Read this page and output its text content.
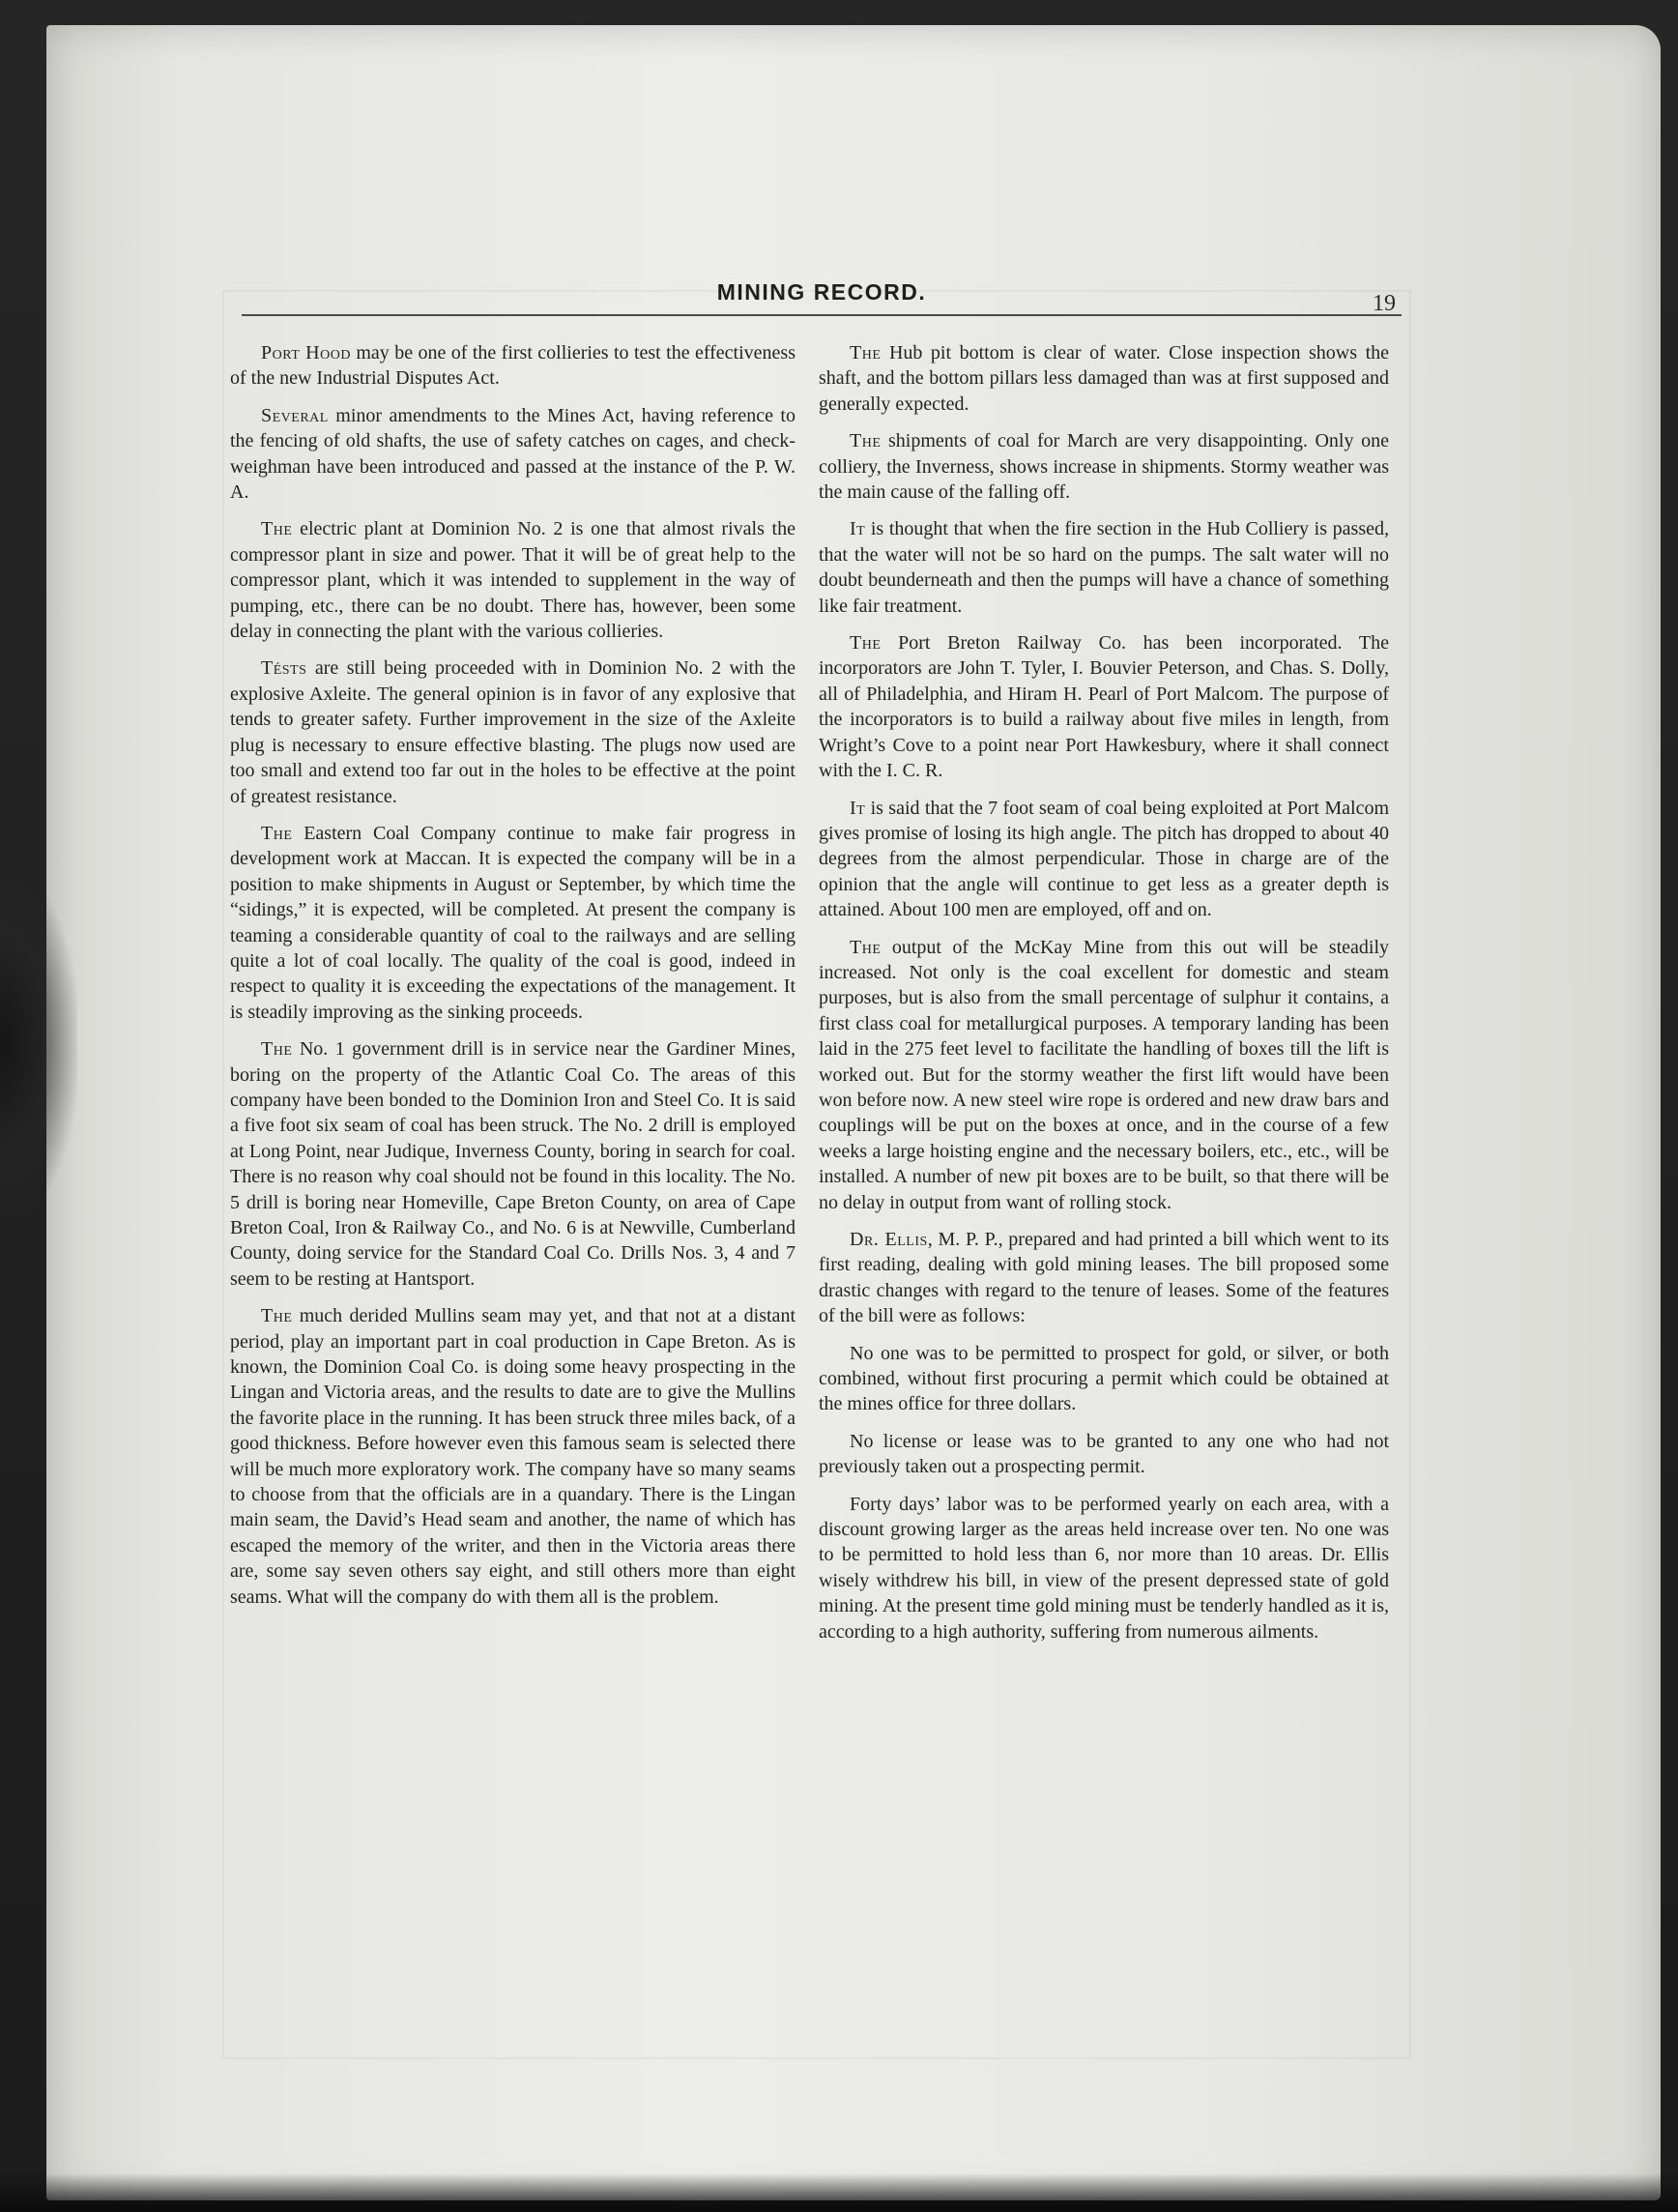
MINING RECORD.	19

Port Hood may be one of the first collieries to test the effectiveness of the new Industrial Disputes Act.

Several minor amendments to the Mines Act, having reference to the fencing of old shafts, the use of safety catches on cages, and check-weighman have been introduced and passed at the instance of the P. W. A.

The electric plant at Dominion No. 2 is one that almost rivals the compressor plant in size and power. That it will be of great help to the compressor plant, which it was intended to supplement in the way of pumping, etc., there can be no doubt. There has, however, been some delay in connecting the plant with the various collieries.

Tésts are still being proceeded with in Dominion No. 2 with the explosive Axleite. The general opinion is in favor of any explosive that tends to greater safety. Further improvement in the size of the Axleite plug is necessary to ensure effective blasting. The plugs now used are too small and extend too far out in the holes to be effective at the point of greatest resistance.

The Eastern Coal Company continue to make fair progress in development work at Maccan. It is expected the company will be in a position to make shipments in August or September, by which time the “sidings,” it is expected, will be completed. At present the company is teaming a considerable quantity of coal to the railways and are selling quite a lot of coal locally. The quality of the coal is good, indeed in respect to quality it is exceeding the expectations of the management. It is steadily improving as the sinking proceeds.

The No. 1 government drill is in service near the Gardiner Mines, boring on the property of the Atlantic Coal Co. The areas of this company have been bonded to the Dominion Iron and Steel Co. It is said a five foot six seam of coal has been struck. The No. 2 drill is employed at Long Point, near Judique, Inverness County, boring in search for coal. There is no reason why coal should not be found in this locality. The No. 5 drill is boring near Homeville, Cape Breton County, on area of Cape Breton Coal, Iron & Railway Co., and No. 6 is at Newville, Cumberland County, doing service for the Standard Coal Co. Drills Nos. 3, 4 and 7 seem to be resting at Hantsport.

The much derided Mullins seam may yet, and that not at a distant period, play an important part in coal production in Cape Breton. As is known, the Dominion Coal Co. is doing some heavy prospecting in the Lingan and Victoria areas, and the results to date are to give the Mullins the favorite place in the running. It has been struck three miles back, of a good thickness. Before however even this famous seam is selected there will be much more exploratory work. The company have so many seams to choose from that the officials are in a quandary. There is the Lingan main seam, the David’s Head seam and another, the name of which has escaped the memory of the writer, and then in the Victoria areas there are, some say seven others say eight, and still others more than eight seams. What will the company do with them all is the problem.

The Hub pit bottom is clear of water. Close inspection shows the shaft, and the bottom pillars less damaged than was at first supposed and generally expected.

The shipments of coal for March are very disappointing. Only one colliery, the Inverness, shows increase in shipments. Stormy weather was the main cause of the falling off.

It is thought that when the fire section in the Hub Colliery is passed, that the water will not be so hard on the pumps. The salt water will no doubt beunderneath and then the pumps will have a chance of something like fair treatment.

The Port Breton Railway Co. has been incorporated. The incorporators are John T. Tyler, I. Bouvier Peterson, and Chas. S. Dolly, all of Philadelphia, and Hiram H. Pearl of Port Malcom. The purpose of the incorporators is to build a railway about five miles in length, from Wright’s Cove to a point near Port Hawkesbury, where it shall connect with the I. C. R.

It is said that the 7 foot seam of coal being exploited at Port Malcom gives promise of losing its high angle. The pitch has dropped to about 40 degrees from the almost perpendicular. Those in charge are of the opinion that the angle will continue to get less as a greater depth is attained. About 100 men are employed, off and on.

The output of the McKay Mine from this out will be steadily increased. Not only is the coal excellent for domestic and steam purposes, but is also from the small percentage of sulphur it contains, a first class coal for metallurgical purposes. A temporary landing has been laid in the 275 feet level to facilitate the handling of boxes till the lift is worked out. But for the stormy weather the first lift would have been won before now. A new steel wire rope is ordered and new draw bars and couplings will be put on the boxes at once, and in the course of a few weeks a large hoisting engine and the necessary boilers, etc., etc., will be installed. A number of new pit boxes are to be built, so that there will be no delay in output from want of rolling stock.

Dr. Ellis, M. P. P., prepared and had printed a bill which went to its first reading, dealing with gold mining leases. The bill proposed some drastic changes with regard to the tenure of leases. Some of the features of the bill were as follows:

No one was to be permitted to prospect for gold, or silver, or both combined, without first procuring a permit which could be obtained at the mines office for three dollars.

No license or lease was to be granted to any one who had not previously taken out a prospecting permit.

Forty days’ labor was to be performed yearly on each area, with a discount growing larger as the areas held increase over ten. No one was to be permitted to hold less than 6, nor more than 10 areas. Dr. Ellis wisely withdrew his bill, in view of the present depressed state of gold mining. At the present time gold mining must be tenderly handled as it is, according to a high authority, suffering from numerous ailments.
